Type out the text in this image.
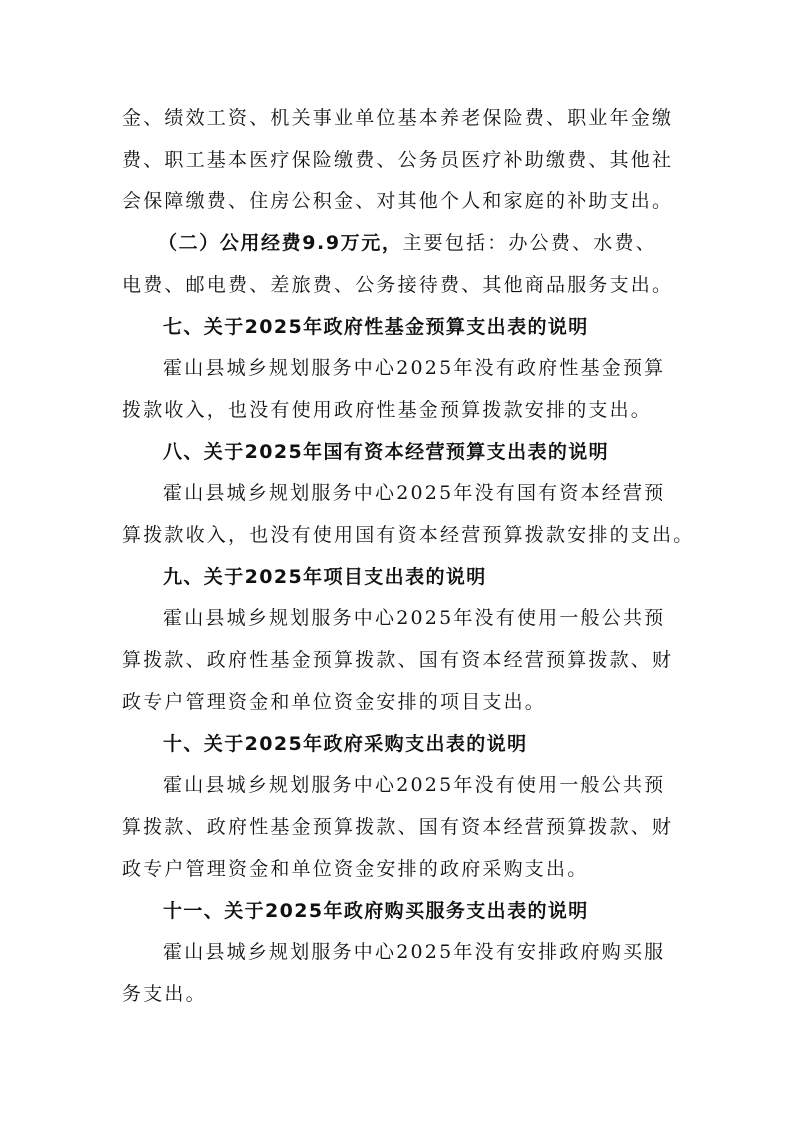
金、绩效工资、机关事业单位基本养老保险费、职业年金缴
费、职工基本医疗保险缴费、公务员医疗补助缴费、其他社
会保障缴费、住房公积金、对其他个人和家庭的补助支出。
（二）公用经费9.9万元，主要包括：办公费、水费、
电费、邮电费、差旅费、公务接待费、其他商品服务支出。
七、关于2025年政府性基金预算支出表的说明
霍山县城乡规划服务中心2025年没有政府性基金预算
拨款收入，也没有使用政府性基金预算拨款安排的支出。
八、关于2025年国有资本经营预算支出表的说明
霍山县城乡规划服务中心2025年没有国有资本经营预
算拨款收入，也没有使用国有资本经营预算拨款安排的支出。
九、关于2025年项目支出表的说明
霍山县城乡规划服务中心2025年没有使用一般公共预
算拨款、政府性基金预算拨款、国有资本经营预算拨款、财
政专户管理资金和单位资金安排的项目支出。
十、关于2025年政府采购支出表的说明
霍山县城乡规划服务中心2025年没有使用一般公共预
算拨款、政府性基金预算拨款、国有资本经营预算拨款、财
政专户管理资金和单位资金安排的政府采购支出。
十一、关于2025年政府购买服务支出表的说明
霍山县城乡规划服务中心2025年没有安排政府购买服
务支出。
